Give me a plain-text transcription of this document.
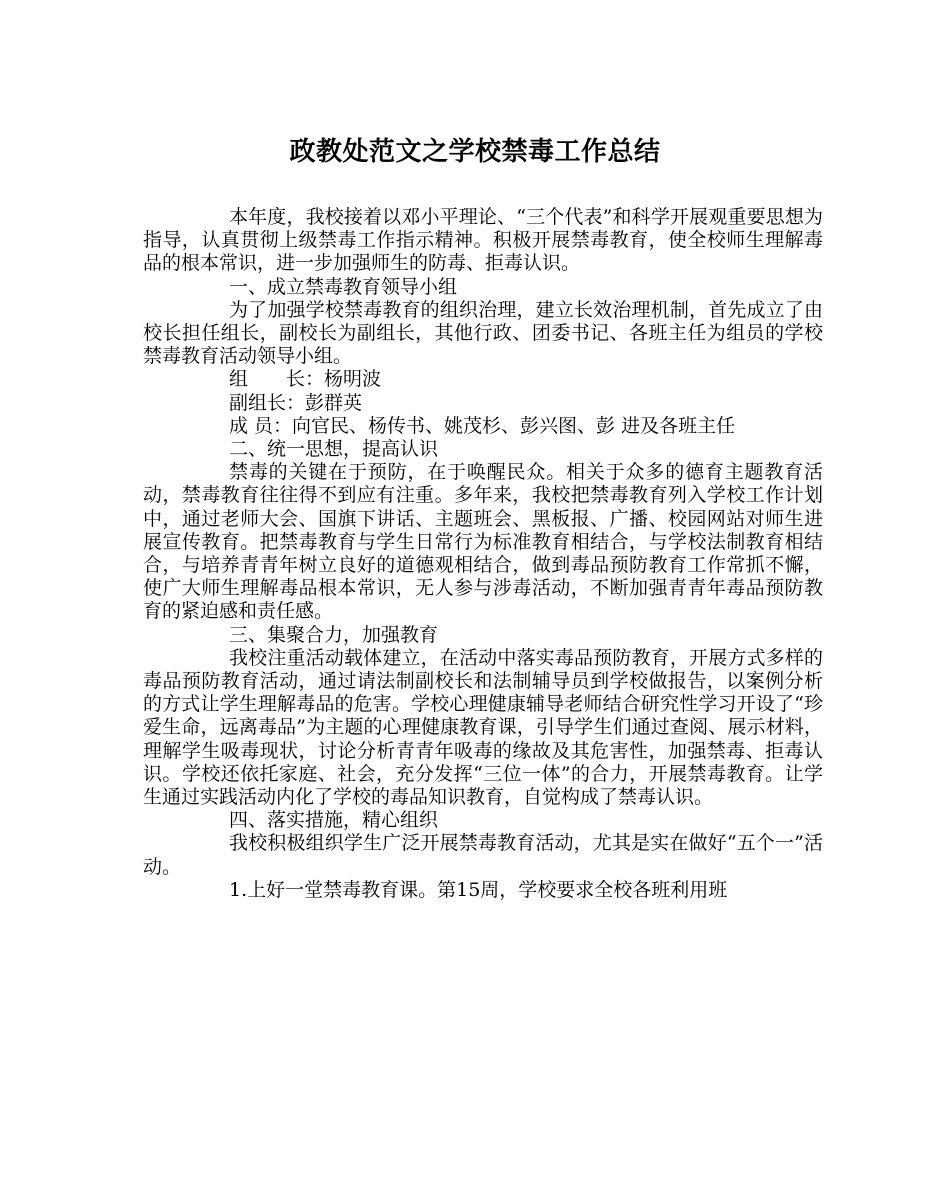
政教处范文之学校禁毒工作总结

本年度，我校接着以邓小平理论、“三个代表”和科学开展观重要思想为指导，认真贯彻上级禁毒工作指示精神。积极开展禁毒教育，使全校师生理解毒品的根本常识，进一步加强师生的防毒、拒毒认识。

一、成立禁毒教育领导小组

为了加强学校禁毒教育的组织治理，建立长效治理机制，首先成立了由校长担任组长，副校长为副组长，其他行政、团委书记、各班主任为组员的学校禁毒教育活动领导小组。

组 长：杨明波

副组长：彭群英

成 员：向官民、杨传书、姚茂杉、彭兴图、彭 进及各班主任

二、统一思想，提高认识

禁毒的关键在于预防，在于唤醒民众。相关于众多的德育主题教育活动，禁毒教育往往得不到应有注重。多年来，我校把禁毒教育列入学校工作计划中，通过老师大会、国旗下讲话、主题班会、黑板报、广播、校园网站对师生进展宣传教育。把禁毒教育与学生日常行为标准教育相结合，与学校法制教育相结合，与培养青青年树立良好的道德观相结合，做到毒品预防教育工作常抓不懈，使广大师生理解毒品根本常识，无人参与涉毒活动，不断加强青青年毒品预防教育的紧迫感和责任感。

三、集聚合力，加强教育

我校注重活动载体建立，在活动中落实毒品预防教育，开展方式多样的毒品预防教育活动，通过请法制副校长和法制辅导员到学校做报告，以案例分析的方式让学生理解毒品的危害。学校心理健康辅导老师结合研究性学习开设了“珍爱生命，远离毒品”为主题的心理健康教育课，引导学生们通过查阅、展示材料，理解学生吸毒现状，讨论分析青青年吸毒的缘故及其危害性，加强禁毒、拒毒认识。学校还依托家庭、社会，充分发挥“三位一体”的合力，开展禁毒教育。让学生通过实践活动内化了学校的毒品知识教育，自觉构成了禁毒认识。

四、落实措施，精心组织

我校积极组织学生广泛开展禁毒教育活动，尤其是实在做好“五个一”活动。

1.上好一堂禁毒教育课。第15周，学校要求全校各班利用班
